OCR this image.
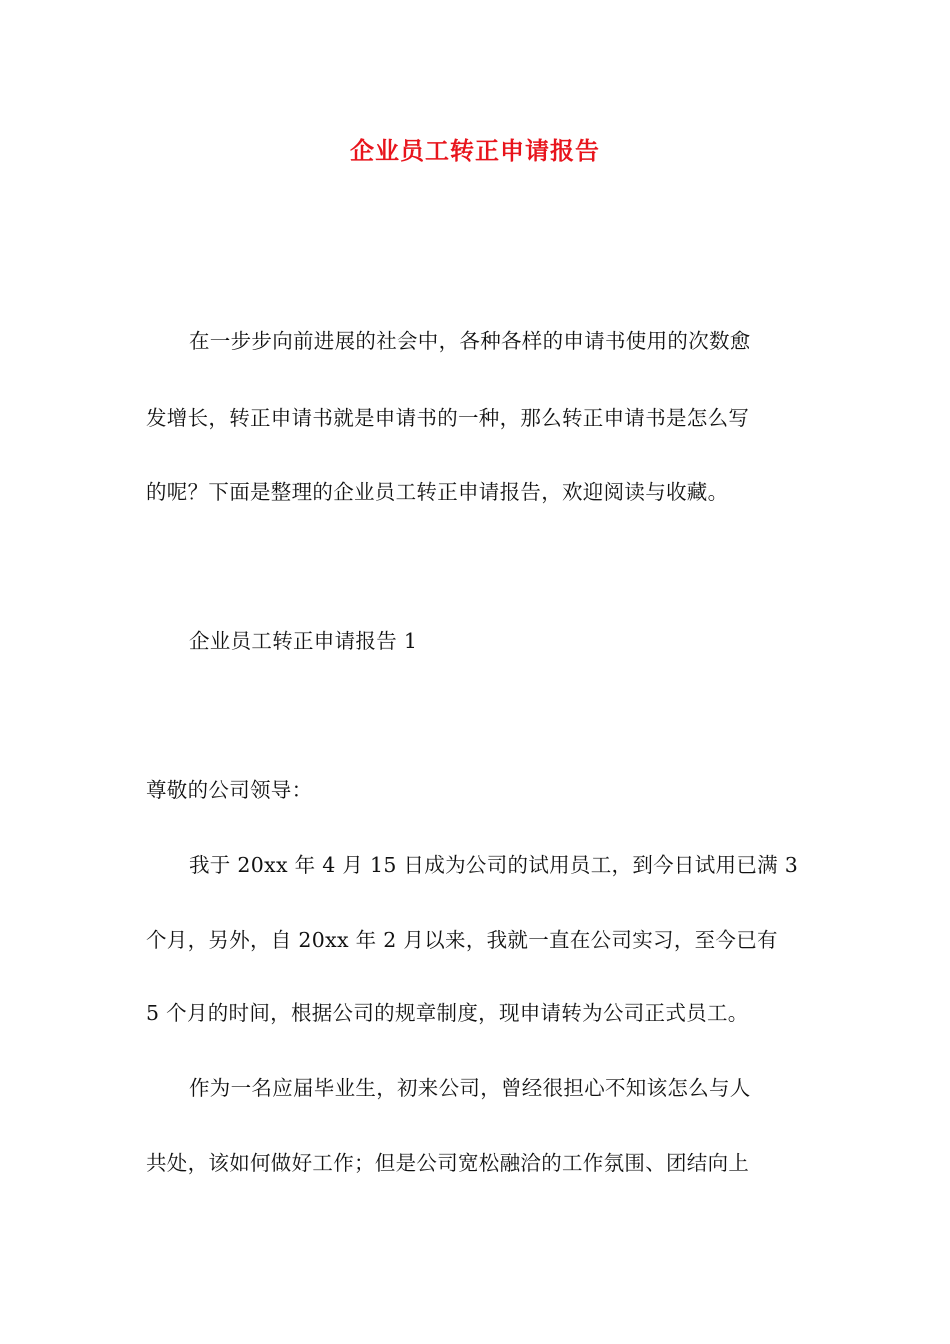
企业员工转正申请报告
在一步步向前进展的社会中，各种各样的申请书使用的次数愈
发增长，转正申请书就是申请书的一种，那么转正申请书是怎么写
的呢？下面是整理的企业员工转正申请报告，欢迎阅读与收藏。
企业员工转正申请报告 1
尊敬的公司领导：
我于 20xx 年 4 月 15 日成为公司的试用员工，到今日试用已满 3
个月，另外，自 20xx 年 2 月以来，我就一直在公司实习，至今已有
5 个月的时间，根据公司的规章制度，现申请转为公司正式员工。
作为一名应届毕业生，初来公司，曾经很担心不知该怎么与人
共处，该如何做好工作；但是公司宽松融洽的工作氛围、团结向上
